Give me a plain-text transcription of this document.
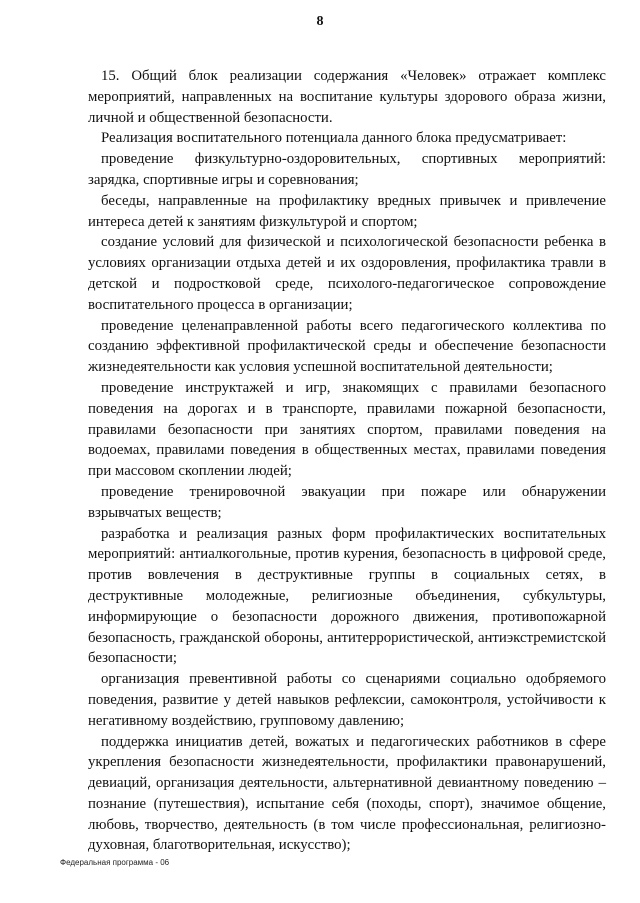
8

15. Общий блок реализации содержания «Человек» отражает комплекс мероприятий, направленных на воспитание культуры здорового образа жизни, личной и общественной безопасности.

Реализация воспитательного потенциала данного блока предусматривает:

проведение физкультурно-оздоровительных, спортивных мероприятий: зарядка, спортивные игры и соревнования;

беседы, направленные на профилактику вредных привычек и привлечение интереса детей к занятиям физкультурой и спортом;

создание условий для физической и психологической безопасности ребенка в условиях организации отдыха детей и их оздоровления, профилактика травли в детской и подростковой среде, психолого-педагогическое сопровождение воспитательного процесса в организации;

проведение целенаправленной работы всего педагогического коллектива по созданию эффективной профилактической среды и обеспечение безопасности жизнедеятельности как условия успешной воспитательной деятельности;

проведение инструктажей и игр, знакомящих с правилами безопасного поведения на дорогах и в транспорте, правилами пожарной безопасности, правилами безопасности при занятиях спортом, правилами поведения на водоемах, правилами поведения в общественных местах, правилами поведения при массовом скоплении людей;

проведение тренировочной эвакуации при пожаре или обнаружении взрывчатых веществ;

разработка и реализация разных форм профилактических воспитательных мероприятий: антиалкогольные, против курения, безопасность в цифровой среде, против вовлечения в деструктивные группы в социальных сетях, в деструктивные молодежные, религиозные объединения, субкультуры, информирующие о безопасности дорожного движения, противопожарной безопасность, гражданской обороны, антитеррористической, антиэкстремистской безопасности;

организация превентивной работы со сценариями социально одобряемого поведения, развитие у детей навыков рефлексии, самоконтроля, устойчивости к негативному воздействию, групповому давлению;

поддержка инициатив детей, вожатых и педагогических работников в сфере укрепления безопасности жизнедеятельности, профилактики правонарушений, девиаций, организация деятельности, альтернативной девиантному поведению – познание (путешествия), испытание себя (походы, спорт), значимое общение, любовь, творчество, деятельность (в том числе профессиональная, религиозно-духовная, благотворительная, искусство);

Федеральная программа - 06
